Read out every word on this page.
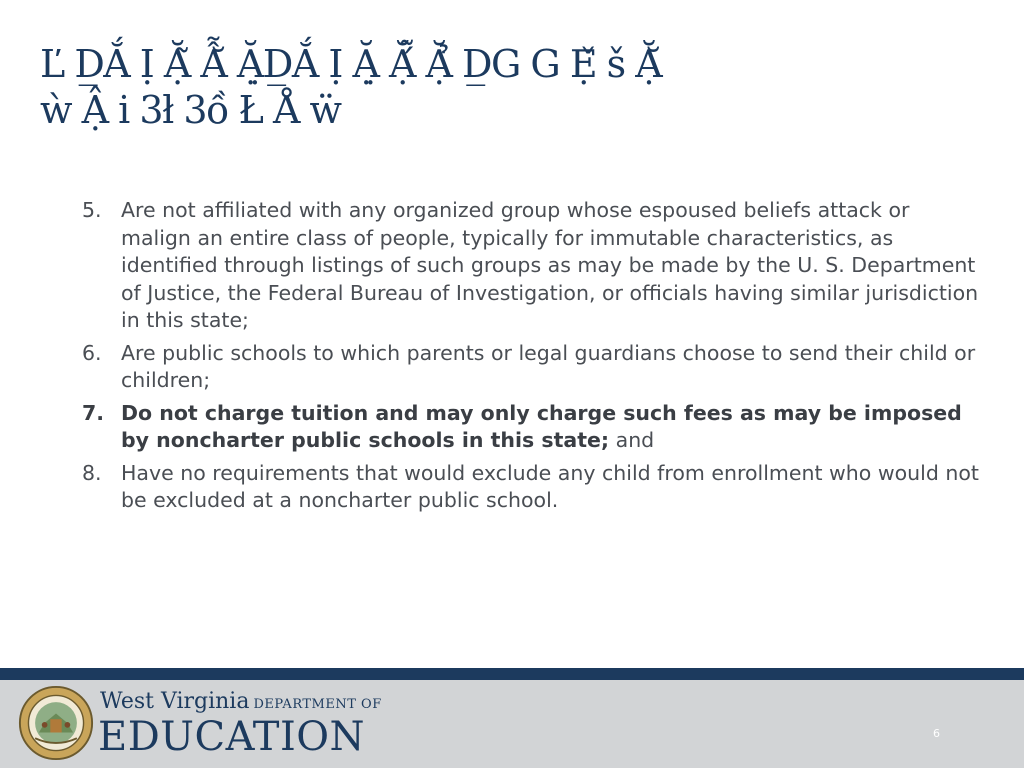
Ľ D̲Ắ Ị Ặ̃ Ẫ̆ Ặ̣D̲Ắ Ị Ặ̣ Ặ́̃ Ặ̉ D̲G G Ẹ̌ š Ặ̆
ẁ Ậ i 3ł 3ồ Ł Å ẅ
5. Are not affiliated with any organized group whose espoused beliefs attack or malign an entire class of people, typically for immutable characteristics, as identified through listings of such groups as may be made by the U. S. Department of Justice, the Federal Bureau of Investigation, or officials having similar jurisdiction in this state;
6. Are public schools to which parents or legal guardians choose to send their child or children;
7. Do not charge tuition and may only charge such fees as may be imposed by noncharter public schools in this state; and
8. Have no requirements that would exclude any child from enrollment who would not be excluded at a noncharter public school.
West Virginia DEPARTMENT OF
EDUCATION	6
